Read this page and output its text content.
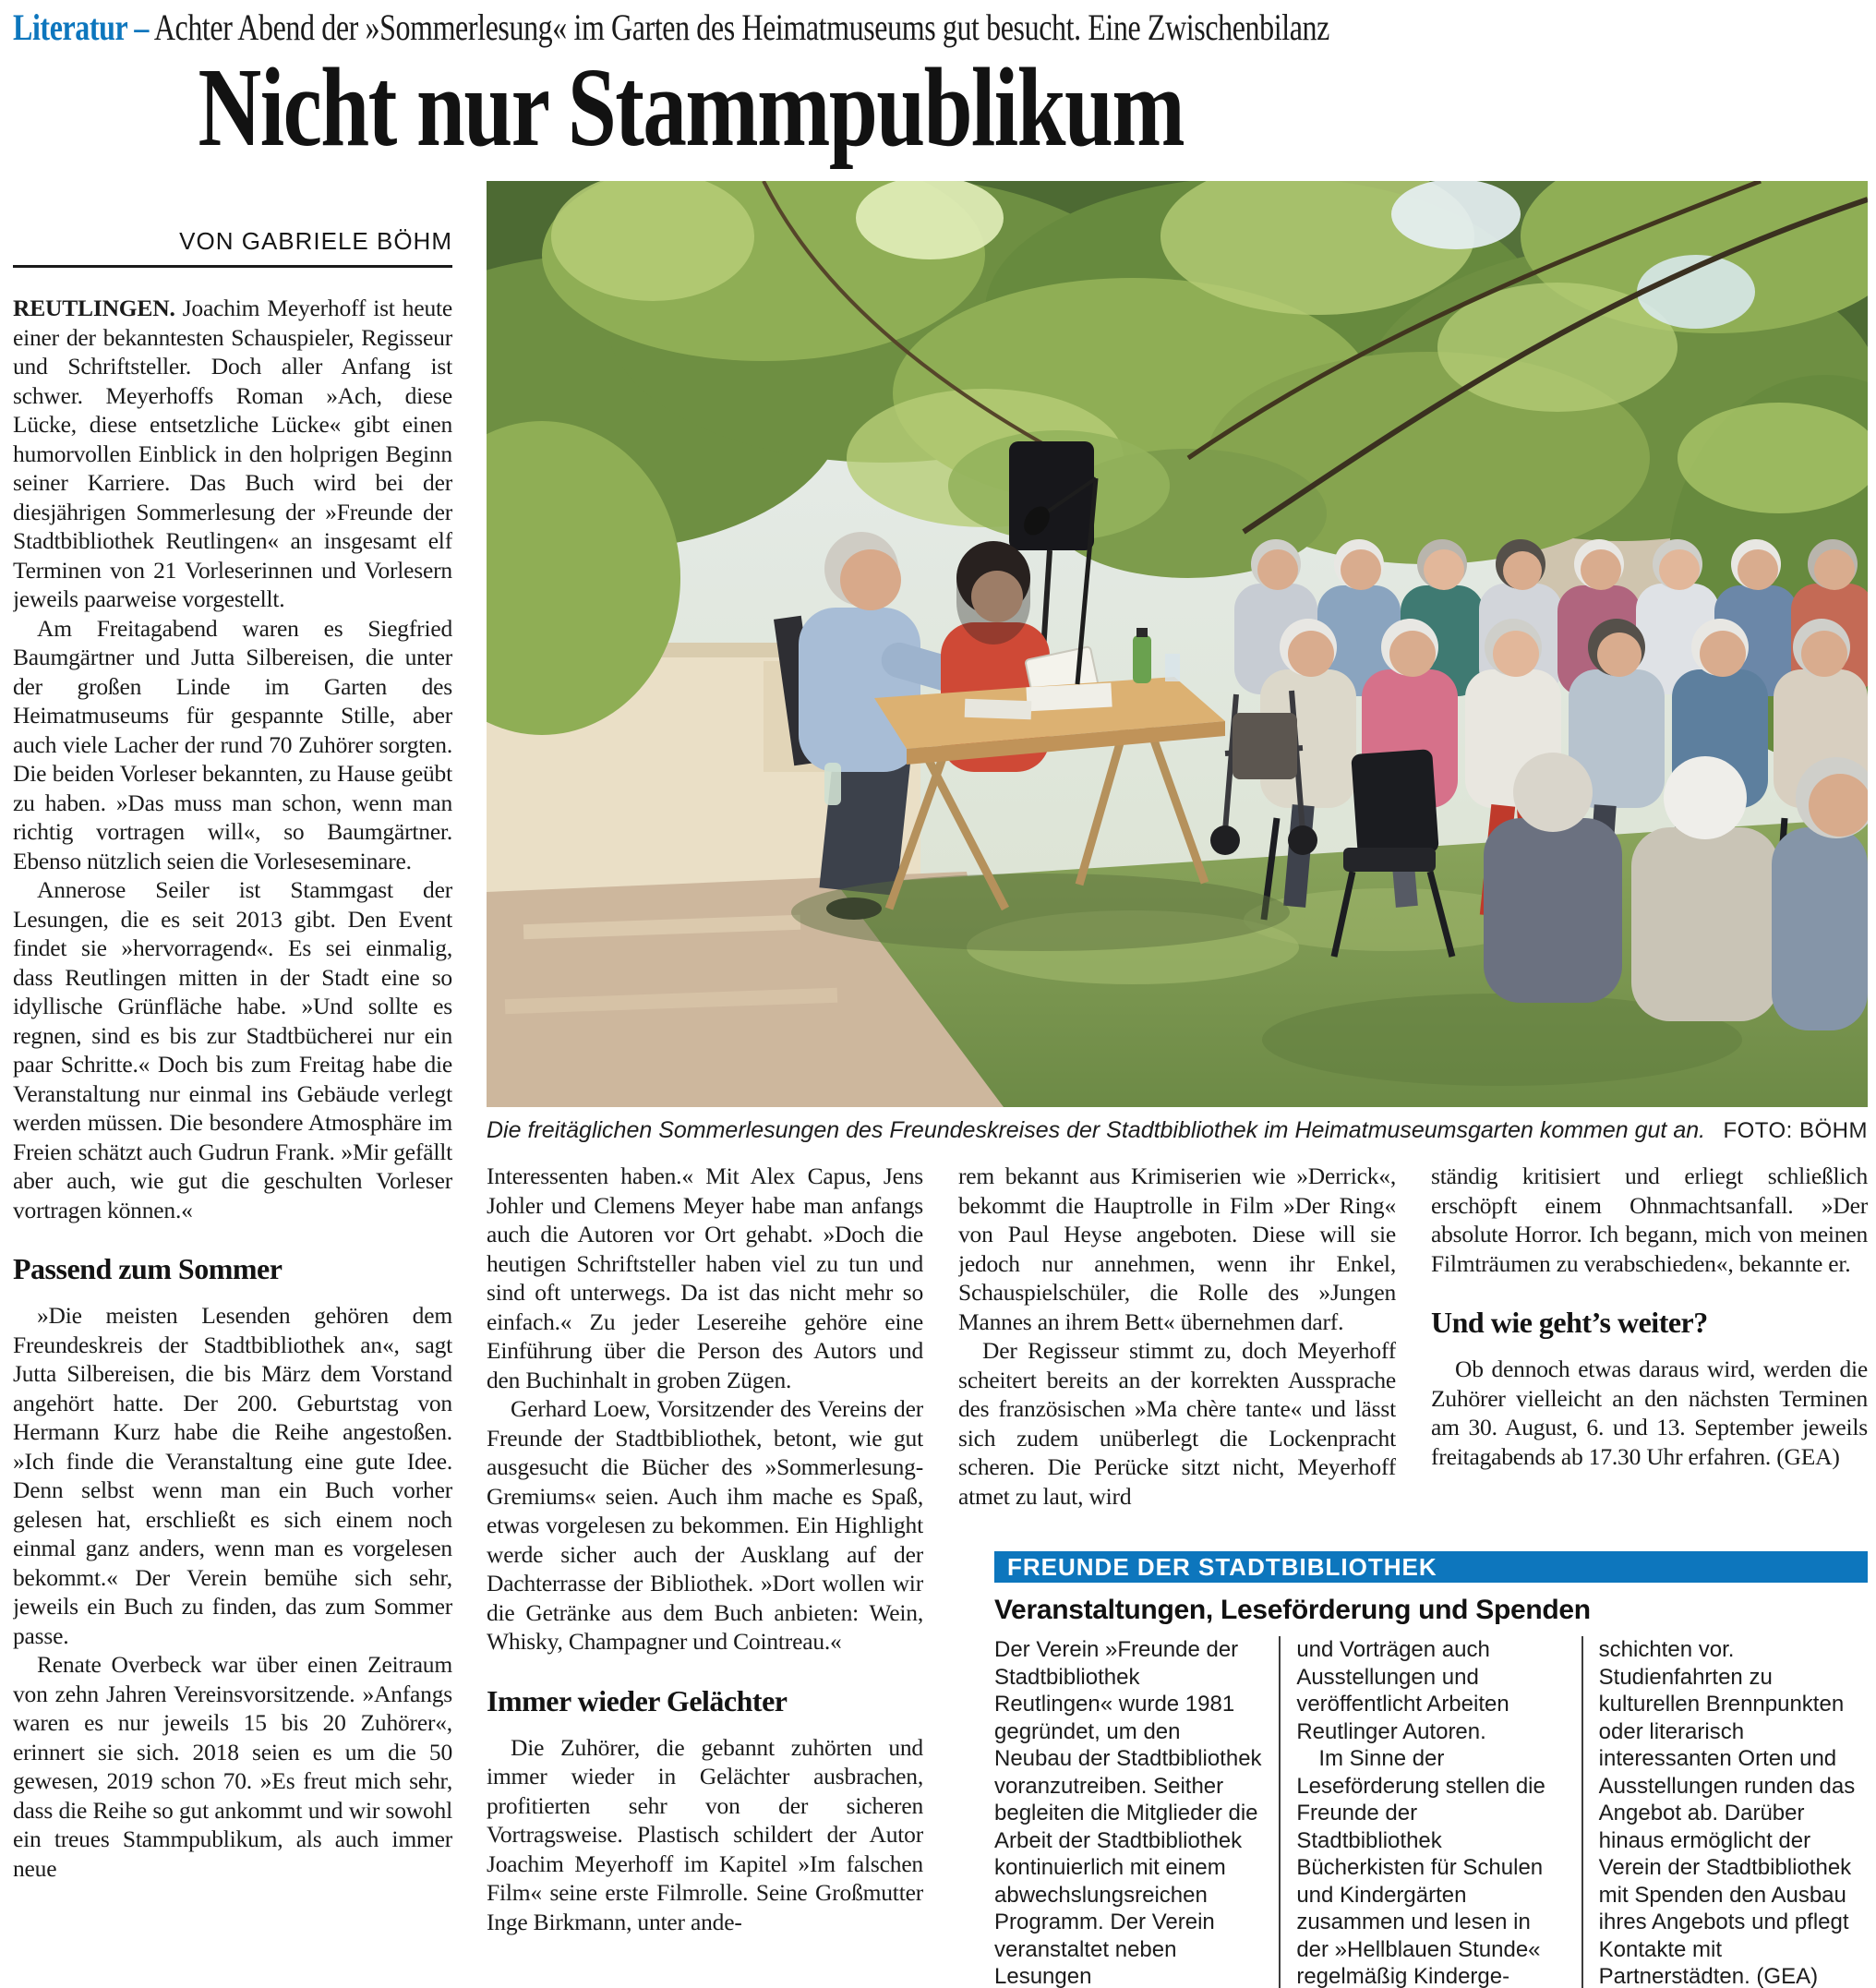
Literatur – Achter Abend der »Sommerlesung« im Garten des Heimatmuseums gut besucht. Eine Zwischenbilanz
Nicht nur Stammpublikum
VON GABRIELE BÖHM
Die freitäglichen Sommerlesungen des Freundeskreises der Stadtbibliothek im Heimatmuseumsgarten kommen gut an. FOTO: BÖHM

REUTLINGEN. Joachim Meyerhoff ist heute einer der bekanntesten Schauspieler, Regisseur und Schriftsteller. Doch aller Anfang ist schwer. Meyerhoffs Roman »Ach, diese Lücke, diese entsetzliche Lücke« gibt einen humorvollen Einblick in den holprigen Beginn seiner Karriere. Das Buch wird bei der diesjährigen Sommerlesung der »Freunde der Stadtbibliothek Reutlingen« an insgesamt elf Terminen von 21 Vorleserinnen und Vorlesern jeweils paarweise vorgestellt.

Am Freitagabend waren es Siegfried Baumgärtner und Jutta Silbereisen, die unter der großen Linde im Garten des Heimatmuseums für gespannte Stille, aber auch viele Lacher der rund 70 Zuhörer sorgten. Die beiden Vorleser bekannten, zu Hause geübt zu haben. »Das muss man schon, wenn man richtig vortragen will«, so Baumgärtner. Ebenso nützlich seien die Vorleseseminare.

Annerose Seiler ist Stammgast der Lesungen, die es seit 2013 gibt. Den Event findet sie »hervorragend«. Es sei einmalig, dass Reutlingen mitten in der Stadt eine so idyllische Grünfläche habe. »Und sollte es regnen, sind es bis zur Stadtbücherei nur ein paar Schritte.« Doch bis zum Freitag habe die Veranstaltung nur einmal ins Gebäude verlegt werden müssen. Die besondere Atmosphäre im Freien schätzt auch Gudrun Frank. »Mir gefällt aber auch, wie gut die geschulten Vorleser vortragen können.«

Passend zum Sommer

»Die meisten Lesenden gehören dem Freundeskreis der Stadtbibliothek an«, sagt Jutta Silbereisen, die bis März dem Vorstand angehört hatte. Der 200. Geburtstag von Hermann Kurz habe die Reihe angestoßen. »Ich finde die Veranstaltung eine gute Idee. Denn selbst wenn man ein Buch vorher gelesen hat, erschließt es sich einem noch einmal ganz anders, wenn man es vorgelesen bekommt.« Der Verein bemühe sich sehr, jeweils ein Buch zu finden, das zum Sommer passe.

Renate Overbeck war über einen Zeitraum von zehn Jahren Vereinsvorsitzende. »Anfangs waren es nur jeweils 15 bis 20 Zuhörer«, erinnert sie sich. 2018 seien es um die 50 gewesen, 2019 schon 70. »Es freut mich sehr, dass die Reihe so gut ankommt und wir sowohl ein treues Stammpublikum, als auch immer neue

Interessenten haben.« Mit Alex Capus, Jens Johler und Clemens Meyer habe man anfangs auch die Autoren vor Ort gehabt. »Doch die heutigen Schriftsteller haben viel zu tun und sind oft unterwegs. Da ist das nicht mehr so einfach.« Zu jeder Lesereihe gehöre eine Einführung über die Person des Autors und den Buchinhalt in groben Zügen.

Gerhard Loew, Vorsitzender des Vereins der Freunde der Stadtbibliothek, betont, wie gut ausgesucht die Bücher des »Sommerlesung-Gremiums« seien. Auch ihm mache es Spaß, etwas vorgelesen zu bekommen. Ein Highlight werde sicher auch der Ausklang auf der Dachterrasse der Bibliothek. »Dort wollen wir die Getränke aus dem Buch anbieten: Wein, Whisky, Champagner und Cointreau.«

Immer wieder Gelächter

Die Zuhörer, die gebannt zuhörten und immer wieder in Gelächter ausbrachen, profitierten sehr von der sicheren Vortragsweise. Plastisch schildert der Autor Joachim Meyerhoff im Kapitel »Im falschen Film« seine erste Filmrolle. Seine Großmutter Inge Birkmann, unter ande-

rem bekannt aus Krimiserien wie »Derrick«, bekommt die Hauptrolle in Film »Der Ring« von Paul Heyse angeboten. Diese will sie jedoch nur annehmen, wenn ihr Enkel, Schauspielschüler, die Rolle des »Jungen Mannes an ihrem Bett« übernehmen darf.

Der Regisseur stimmt zu, doch Meyerhoff scheitert bereits an der korrekten Aussprache des französischen »Ma chère tante« und lässt sich zudem unüberlegt die Lockenpracht scheren. Die Perücke sitzt nicht, Meyerhoff atmet zu laut, wird

ständig kritisiert und erliegt schließlich erschöpft einem Ohnmachtsanfall. »Der absolute Horror. Ich begann, mich von meinen Filmträumen zu verabschieden«, bekannte er.

Und wie geht’s weiter?

Ob dennoch etwas daraus wird, werden die Zuhörer vielleicht an den nächsten Terminen am 30. August, 6. und 13. September jeweils freitagabends ab 17.30 Uhr erfahren. (GEA)

FREUNDE DER STADTBIBLIOTHEK
Veranstaltungen, Leseförderung und Spenden

Der Verein »Freunde der Stadtbibliothek Reutlingen« wurde 1981 gegründet, um den Neubau der Stadtbibliothek voranzutreiben. Seither begleiten die Mitglieder die Arbeit der Stadtbibliothek kontinuierlich mit einem abwechslungsreichen Programm. Der Verein veranstaltet neben Lesungen

und Vorträgen auch Ausstellungen und veröffentlicht Arbeiten Reutlinger Autoren.

Im Sinne der Leseförderung stellen die Freunde der Stadtbibliothek Bücherkisten für Schulen und Kindergärten zusammen und lesen in der »Hellblauen Stunde« regelmäßig Kinderge-

schichten vor. Studienfahrten zu kulturellen Brennpunkten oder literarisch interessanten Orten und Ausstellungen runden das Angebot ab. Darüber hinaus ermöglicht der Verein der Stadtbibliothek mit Spenden den Ausbau ihres Angebots und pflegt Kontakte mit Partnerstädten. (GEA)
